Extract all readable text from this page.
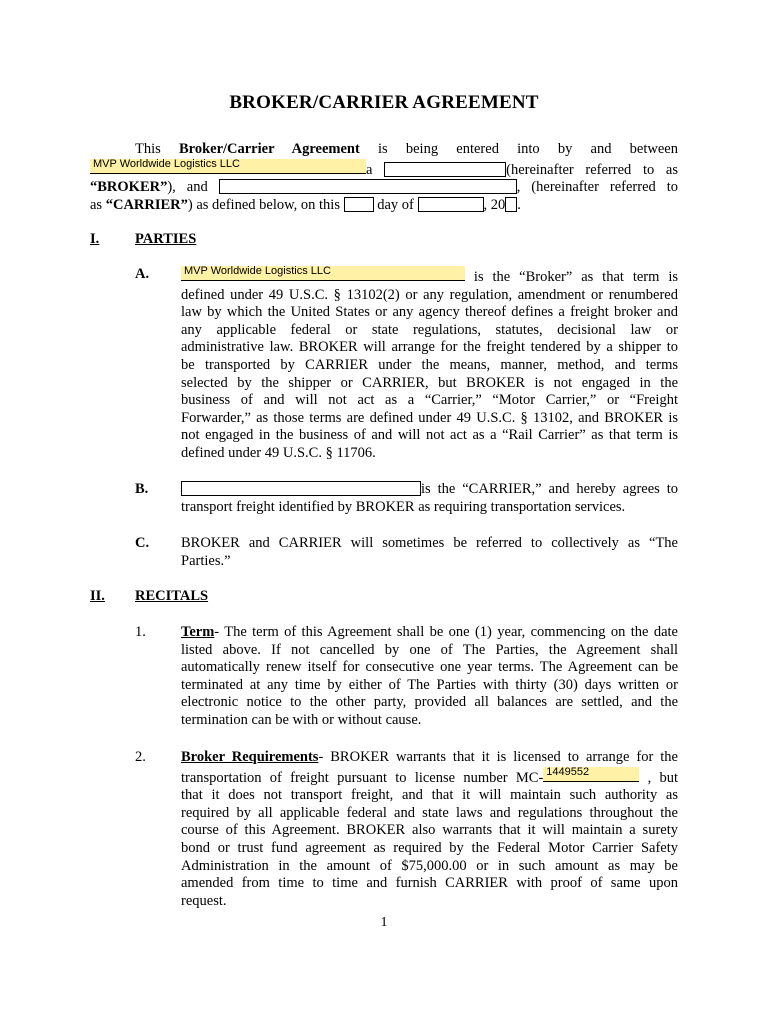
BROKER/CARRIER AGREEMENT
This Broker/Carrier Agreement is being entered into by and between
MVP Worldwide Logistics LLC	a	(hereinafter referred to as
“BROKER”), and	, (hereinafter referred to
as “CARRIER”) as defined below, on this	day of	, 20 .
I. PARTIES
A.	MVP Worldwide Logistics LLC	is the “Broker” as that term is
defined under 49 U.S.C. § 13102(2) or any regulation, amendment or renumbered
law by which the United States or any agency thereof defines a freight broker and
any applicable federal or state regulations, statutes, decisional law or
administrative law. BROKER will arrange for the freight tendered by a shipper to
be transported by CARRIER under the means, manner, method, and terms
selected by the shipper or CARRIER, but BROKER is not engaged in the
business of and will not act as a “Carrier,” “Motor Carrier,” or “Freight
Forwarder,” as those terms are defined under 49 U.S.C. § 13102, and BROKER is
not engaged in the business of and will not act as a “Rail Carrier” as that term is
defined under 49 U.S.C. § 11706.
B.	is the “CARRIER,” and hereby agrees to
transport freight identified by BROKER as requiring transportation services.
C. BROKER and CARRIER will sometimes be referred to collectively as “The
Parties.”
II. RECITALS
1. Term- The term of this Agreement shall be one (1) year, commencing on the date
listed above. If not cancelled by one of The Parties, the Agreement shall
automatically renew itself for consecutive one year terms. The Agreement can be
terminated at any time by either of The Parties with thirty (30) days written or
electronic notice to the other party, provided all balances are settled, and the
termination can be with or without cause.
2. Broker Requirements- BROKER warrants that it is licensed to arrange for the
transportation of freight pursuant to license number MC- 1449552	, but
that it does not transport freight, and that it will maintain such authority as
required by all applicable federal and state laws and regulations throughout the
course of this Agreement. BROKER also warrants that it will maintain a surety
bond or trust fund agreement as required by the Federal Motor Carrier Safety
Administration in the amount of $75,000.00 or in such amount as may be
amended from time to time and furnish CARRIER with proof of same upon
request.
1
